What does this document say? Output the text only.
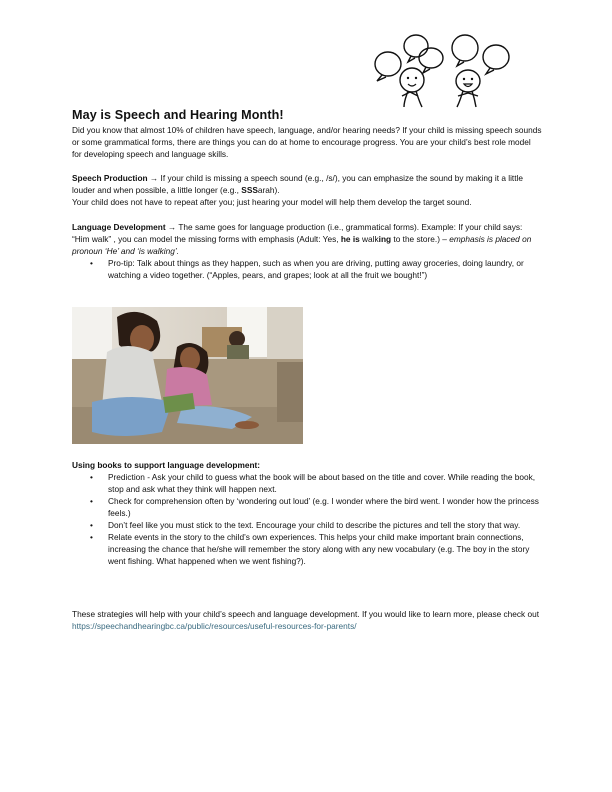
May is Speech and Hearing Month!
Did you know that almost 10% of children have speech, language, and/or hearing needs? If your child is missing speech sounds or some grammatical forms, there are things you can do at home to encourage progress. You are your child’s best role model for developing speech and language skills.
Speech Production → If your child is missing a speech sound (e.g., /s/), you can emphasize the sound by making it a little louder and when possible, a little longer (e.g., SSSarah).
Your child does not have to repeat after you; just hearing your model will help them develop the target sound.
Language Development → The same goes for language production (i.e., grammatical forms). Example: If your child says: “Him walk” , you can model the missing forms with emphasis (Adult: Yes, he is walking to the store.) – emphasis is placed on pronoun ‘He’ and ‘is walking’.
• Pro-tip: Talk about things as they happen, such as when you are driving, putting away groceries, doing laundry, or watching a video together. (“Apples, pears, and grapes; look at all the fruit we bought!”)
Using books to support language development:
• Prediction - Ask your child to guess what the book will be about based on the title and cover. While reading the book, stop and ask what they think will happen next.
• Check for comprehension often by ‘wondering out loud’ (e.g. I wonder where the bird went. I wonder how the princess feels.)
• Don’t feel like you must stick to the text. Encourage your child to describe the pictures and tell the story that way.
• Relate events in the story to the child’s own experiences. This helps your child make important brain connections, increasing the chance that he/she will remember the story along with any new vocabulary (e.g. The boy in the story went fishing. What happened when we went fishing?).
These strategies will help with your child’s speech and language development. If you would like to learn more, please check out https://speechandhearingbc.ca/public/resources/useful-resources-for-parents/
